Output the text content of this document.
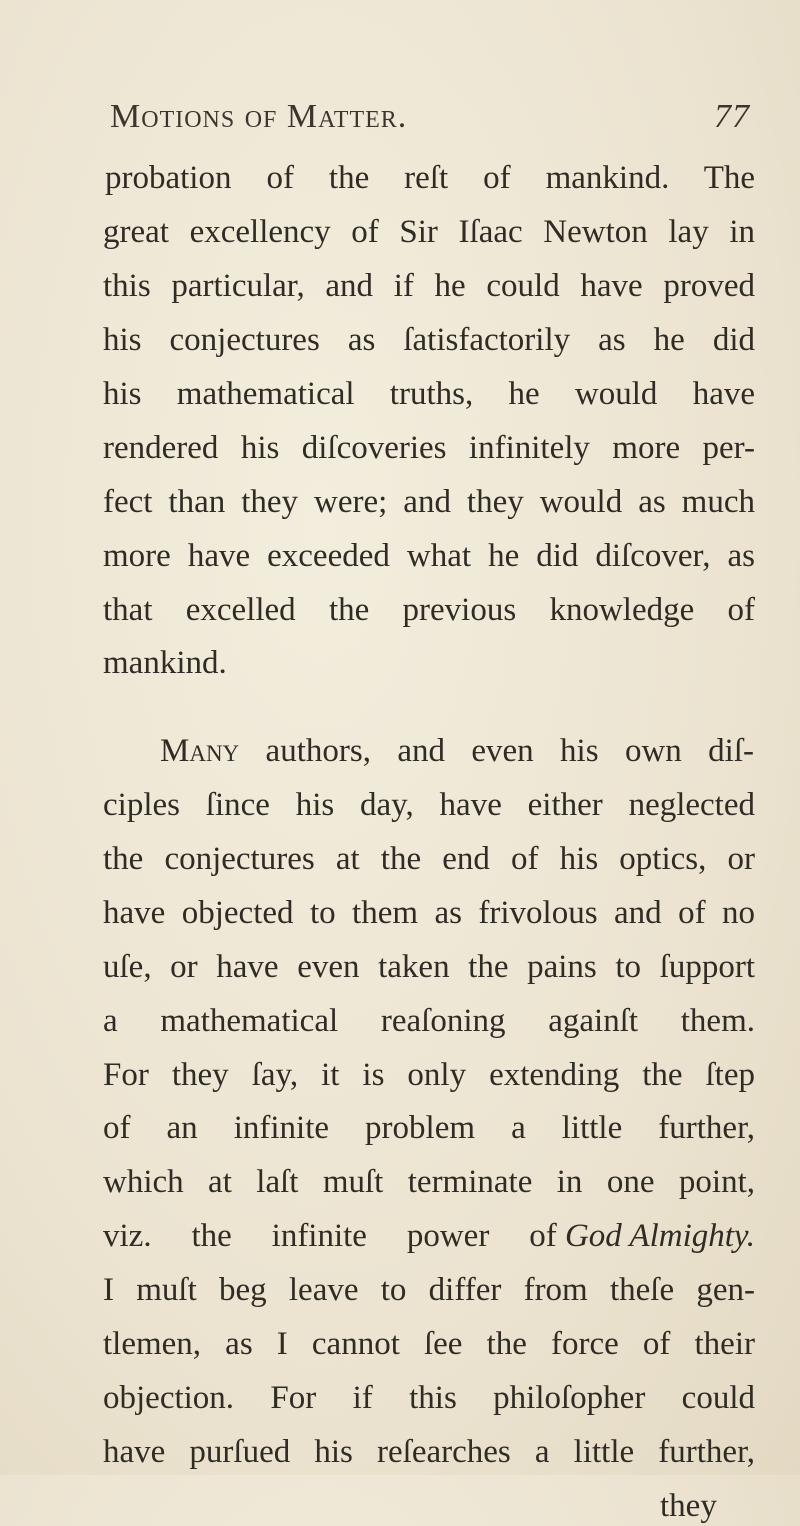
Motions of Matter.	77
probation of the reſt of mankind. The
great excellency of Sir Iſaac Newton lay in
this particular, and if he could have proved
his conjectures as ſatisfactorily as he did
his mathematical truths, he would have
rendered his diſcoveries infinitely more per-
fect than they were; and they would as much
more have exceeded what he did diſcover, as
that excelled the previous knowledge of
mankind.
Many authors, and even his own diſ-
ciples ſince his day, have either neglected
the conjectures at the end of his optics, or
have objected to them as frivolous and of no
uſe, or have even taken the pains to ſupport
a mathematical reaſoning againſt them.
For they ſay, it is only extending the ſtep
of an infinite problem a little further,
which at laſt muſt terminate in one point,
viz. the infinite power of God Almighty.
I muſt beg leave to differ from theſe gen-
tlemen, as I cannot ſee the force of their
objection. For if this philoſopher could
have purſued his reſearches a little further,
they
